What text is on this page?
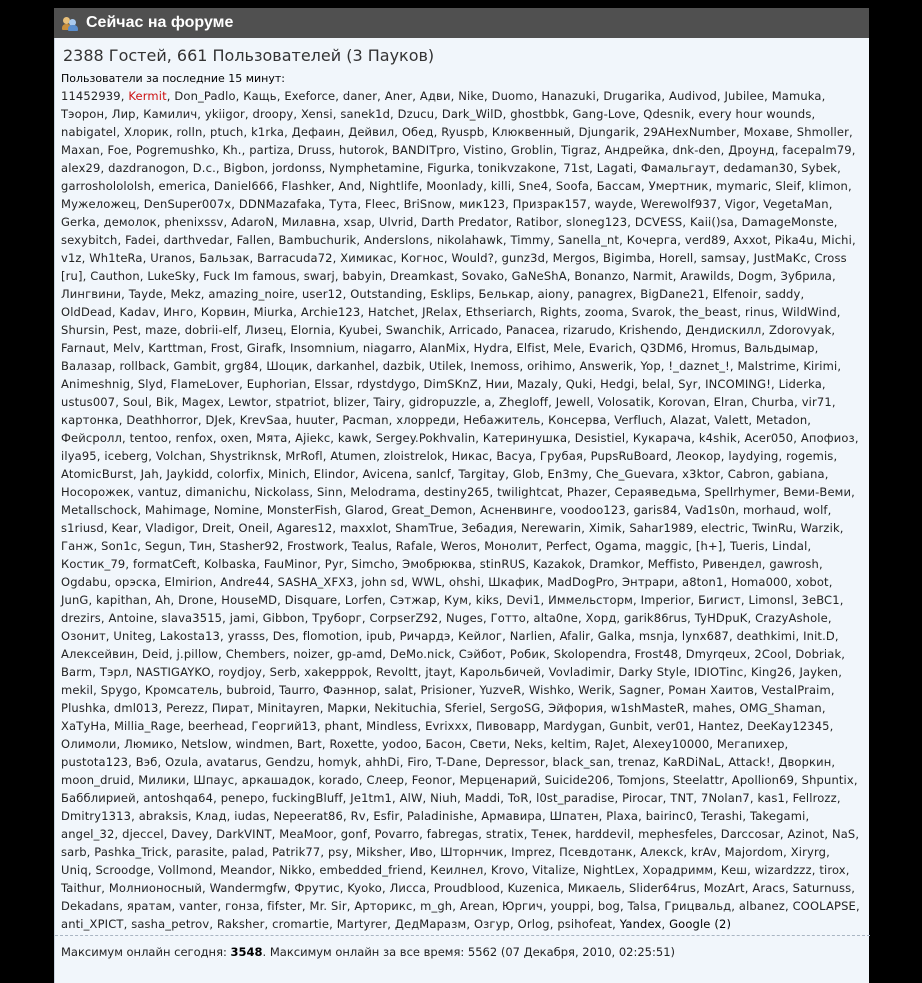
Сейчас на форуме
2388 Гостей, 661 Пользователей (3 Пауков)
Пользователи за последние 15 минут:
11452939, Kermit, Don_Padlo, Кащь, Exeforce, daner, Aner, Адви, Nike, Duomo, Hanazuki, Drugarika, Audivod, Jubilee, Mamuka, Тэорон, Лир, Камилич, ykiigor, droopy, Xensi, sanek1d, Dzucu, Dark_WilD, ghostbbk, Gang-Love, Qdesnik, every hour wounds, nabigatel, Хлорик, rolln, ptuch, k1rka, Дефаин, Дейвил, Обед, Ryuspb, Клюквенный, Djungarik, 29AHexNumber, Мохаве, Shmoller, Maxan, Foe, Pogremushko, Kh., partiza, Druss, hutorok, BANDITpro, Vistino, Groblin, Tigraz, Андрейка, dnk-den, Дроунд, facepalm79, alex29, dazdranogon, D.c., Bigbon, jordonss, Nymphetamine, Figurka, tonikvzakone, 71st, Lagati, Фамальгаут, dedaman30, Sybek, garrosholololsh, emerica, Daniel666, Flashker, And, Nightlife, Moonlady, killi, Sne4, Soofa, Бассам, Умертник, mymaric, Sleif, klimon, Мужеложец, DenSuper007x, DDNMazafaka, Тута, Fleec, BriSnow, мик123, Призрак157, wayde, Werewolf937, Vigor, VegetaMan, Gerka, демолок, phenixssv, AdaroN, Милавна, xsap, Ulvrid, Darth Predator, Ratibor, sloneg123, DCVESS, Kaii()sa, DamageMonste, sexybitch, Fadei, darthvedar, Fallen, Bambuchurik, Anderslons, nikolahawk, Timmy, Sanella_nt, Кочерга, verd89, Axxot, Pika4u, Michi, v1z, Wh1teRa, Uranos, Бальзак, Barracuda72, Химикас, Когнос, Would?, gunz3d, Mergos, Bigimba, Horell, samsay, JustMaKc, Cross [ru], Cauthon, LukeSky, Fuck Im famous, swarj, babyin, Dreamkast, Sovako, GaNeShA, Bonanzo, Narmit, Arawilds, Dogm, Зубрила, Лингвини, Tayde, Mekz, amazing_noire, user12, Outstanding, Esklips, Белькар, aiony, panagrex, BigDane21, Elfenoir, saddy, OldDead, Kadav, Инго, Корвин, Miurka, Archie123, Hatchet, JRelax, Ethseriarch, Rights, zooma, Svarok, the_beast, rinus, WildWind, Shursin, Pest, maze, dobrii-elf, Лизец, Elornia, Kyubei, Swanchik, Arricado, Panacea, rizarudo, Krishendo, Дендискилл, Zdorovyak, Farnaut, Melv, Karttman, Frost, Girafk, Insomnium, niagarro, AlanMix, Hydra, Elfist, Mele, Evarich, Q3DM6, Hromus, Вальдымар, Валазар, rollback, Gambit, grg84, Шоцик, darkanhel, dazbik, Utilek, Inemoss, orihimo, Answerik, Yop, !_daznet_!, Malstrime, Kirimi, Animeshnig, Slyd, FlameLover, Euphorian, Elssar, rdystdygo, DimSKnZ, Нии, Mazaly, Quki, Hedgi, belal, Syr, INCOMING!, Liderka, ustus007, Soul, Bik, Magex, Lewtor, stpatriot, blizer, Tairy, gidropuzzle, a, Zhegloff, Jewell, Volosatik, Korovan, Elran, Churba, vir71, картонка, Deathhorror, DJek, KrevSaa, huuter, Pacman, хлорреди, Небажитель, Консерва, Verfluch, Alazat, Valett, Metadon, Фейсролл, tentoo, renfox, oxen, Мята, Ajiekc, kawk, Sergey.Pokhvalin, Катеринушка, Desistiel, Кукарача, k4shik, Acer050, Апофиоз, ilya95, iceberg, Volchan, Shystriknsk, MrRofl, Atumen, zloistrelok, Никас, Васуа, Грубая, PupsRuBoard, Леокор, laydying, rogemis, AtomicBurst, Jah, Jaykidd, colorfix, Minich, Elindor, Avicena, sanlcf, Targitay, Glob, En3my, Che_Guevara, x3ktor, Cabron, gabiana, Носорожек, vantuz, dimanichu, Nickolass, Sinn, Melodrama, destiny265, twilightcat, Phazer, Сераяведьма, Spellrhymer, Веми-Веми, Metallschock, Mahimage, Nomine, MonsterFish, Glarod, Great_Demon, Асненвинге, voodoo123, garis84, Vad1s0n, morhaud, wolf, s1riusd, Kear, Vladigor, Dreit, Oneil, Agares12, maxxlot, ShamTrue, Зебадия, Nerewarin, Ximik, Sahar1989, electric, TwinRu, Warzik, Ганж, Son1c, Segun, Тин, Stasher92, Frostwork, Tealus, Rafale, Weros, Монолит, Perfect, Ogama, maggic, [h+], Tueris, Lindal, Костик_79, formatCeft, Kolbaska, FauMinor, Pyr, Simcho, Эмобрюква, stinRUS, Kazakok, Dramkor, Meffisto, Ривендел, gawrosh, Ogdabu, орэска, Elmirion, Andre44, SASHA_XFX3, john sd, WWL, ohshi, Шкафик, MadDogPro, Энтрари, a8ton1, Homa000, xobot, JunG, kapithan, Ah, Drone, HouseMD, Disquare, Lorfen, Сэтжар, Кум, kiks, Devi1, Иммельсторм, Imperior, Бигист, Limonsl, 3eBC1, drezirs, Antoine, slava3515, jami, Gibbon, Труборг, CorpserZ92, Nuges, Готто, alta0ne, Хорд, garik86rus, TyHDpuK, CrazyAshole, Озонит, Uniteg, Lakosta13, yrasss, Des, flomotion, ipub, Ричардэ, Кейлог, Narlien, Afalir, Galka, msnja, lynx687, deathkimi, Init.D, Алексейвин, Deid, j.pillow, Chembers, noizer, gp-amd, DeMo.nick, Сэйбот, Робик, Skolopendra, Frost48, Dmyrqeux, 2Cool, Dobriak, Barm, Тэрл, NASTIGAYKO, roydjoy, Serb, xakepppok, Revoltt, jtayt, Карольбичей, Vovladimir, Darky Style, IDIOTinc, King26, Jayken, mekil, Spygo, Кромсатель, bubroid, Taurro, Фаэннор, salat, Prisioner, YuzveR, Wishko, Werik, Sagner, Роман Хаитов, VestalPraim, Plushka, dml013, Perezz, Пират, Minitayren, Марки, Nekituchia, Sferiel, SergoSG, Эйфория, w1shMasteR, mahes, OMG_Shaman, ХаТуНа, Millia_Rage, beerhead, Георгий13, phant, Mindless, Evrixxx, Пивоварр, Mardygan, Gunbit, ver01, Hantez, DeeKay12345, Олимоли, Люмико, Netslow, windmen, Bart, Roxette, yodoo, Басон, Свети, Neks, keltim, RaJet, Alexey10000, Мегапихер, pustota123, Вэб, Ozula, avatarus, Gendzu, homyk, ahhDi, Firo, T-Dane, Depressor, black_san, trenaz, KaRDiNaL, Attack!, Дворкин, moon_druid, Милики, Шпаус, аркашадок, korado, Слеер, Feonor, Мерценарий, Suicide206, Tomjons, Steelattr, Apollion69, Shpuntix, Бабблирией, antoshqa64, penepo, fuckingBluff, Je1tm1, AlW, Niuh, Maddi, ToR, l0st_paradise, Pirocar, TNT, 7Nolan7, kas1, Fellrozz, Dmitry1313, abraksis, Клад, iudas, Nepeerat86, Rv, Esfir, Paladinishe, Армавира, Шпатен, Plaxa, bairinc0, Terashi, Takegami, angel_32, djeccel, Davey, DarkVINT, MeaMoor, gonf, Povarro, fabregas, stratix, Тенек, harddevil, mephesfeles, Darccosar, Azinot, NaS, sarb, Pashka_Trick, parasite, palad, Patrik77, psy, Mikshеr, Иво, Шторнчик, Imprez, Псевдотанк, Алексk, krAv, Majordom, Xiryrg, Uniq, Scroodge, Vollmond, Meandor, Nikko, embedded_friend, Кеилнел, Krovo, Vitalize, NightLex, Хорадримм, Кеш, wizardzzz, tirox, Taithur, Молнионосный, Wandermgfw, Фрутис, Kyoko, Лисса, Proudblood, Kuzenica, Микаель, Slider64rus, MozArt, Aracs, Saturnuss, Dekadans, яратам, vanter, гонза, fifster, Mr. Sir, Арторикс, m_gh, Arean, Юргич, youppi, bog, Talsa, Грицвальд, albanez, COOLAPSE, anti_XPICT, sasha_petrov, Raksher, cromartie, Martyrer, ДедМаразм, Озгур, Orlog, psihofeat, Yandex, Google (2)
Максимум онлайн сегодня: 3548. Максимум онлайн за все время: 5562 (07 Декабря, 2010, 02:25:51)
